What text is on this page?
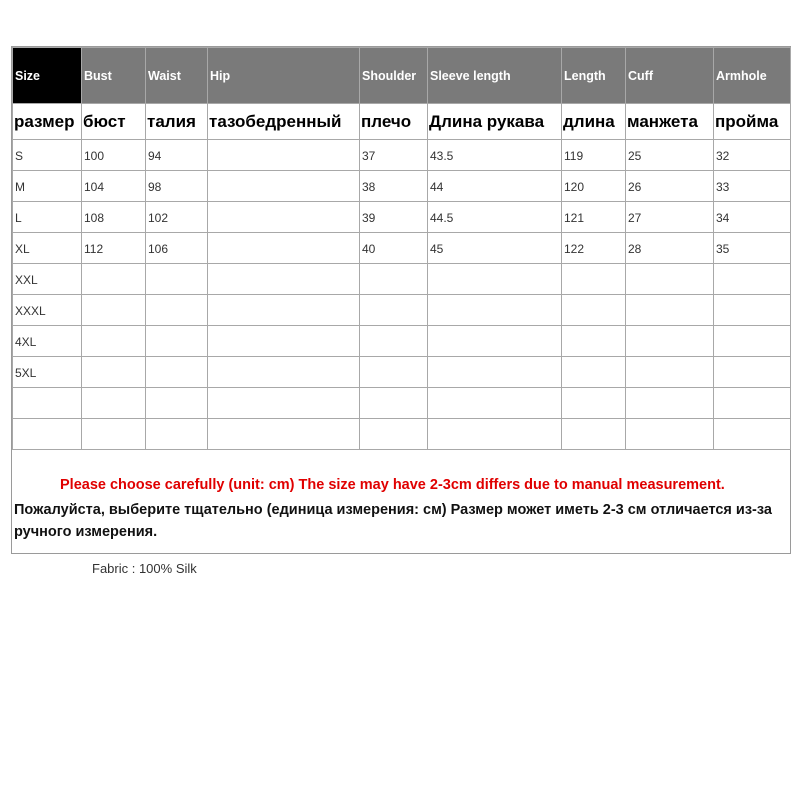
Size	Bust	Waist	Hip	Shoulder	Sleeve length	Length	Cuff	Armhole
размер	бюст	талия	тазобедренный	плечо	Длина рукава	длина	манжета	пройма
S	100	94		37	43.5	119	25	32
M	104	98		38	44	120	26	33
L	108	102		39	44.5	121	27	34
XL	112	106		40	45	122	28	35
XXL								
XXXL								
4XL								
5XL								

Please choose carefully (unit: cm) The size may have 2-3cm differs due to manual measurement.
Пожалуйста, выберите тщательно (единица измерения: см) Размер может иметь 2-3 см отличается из-за ручного измерения.
Fabric : 100% Silk
